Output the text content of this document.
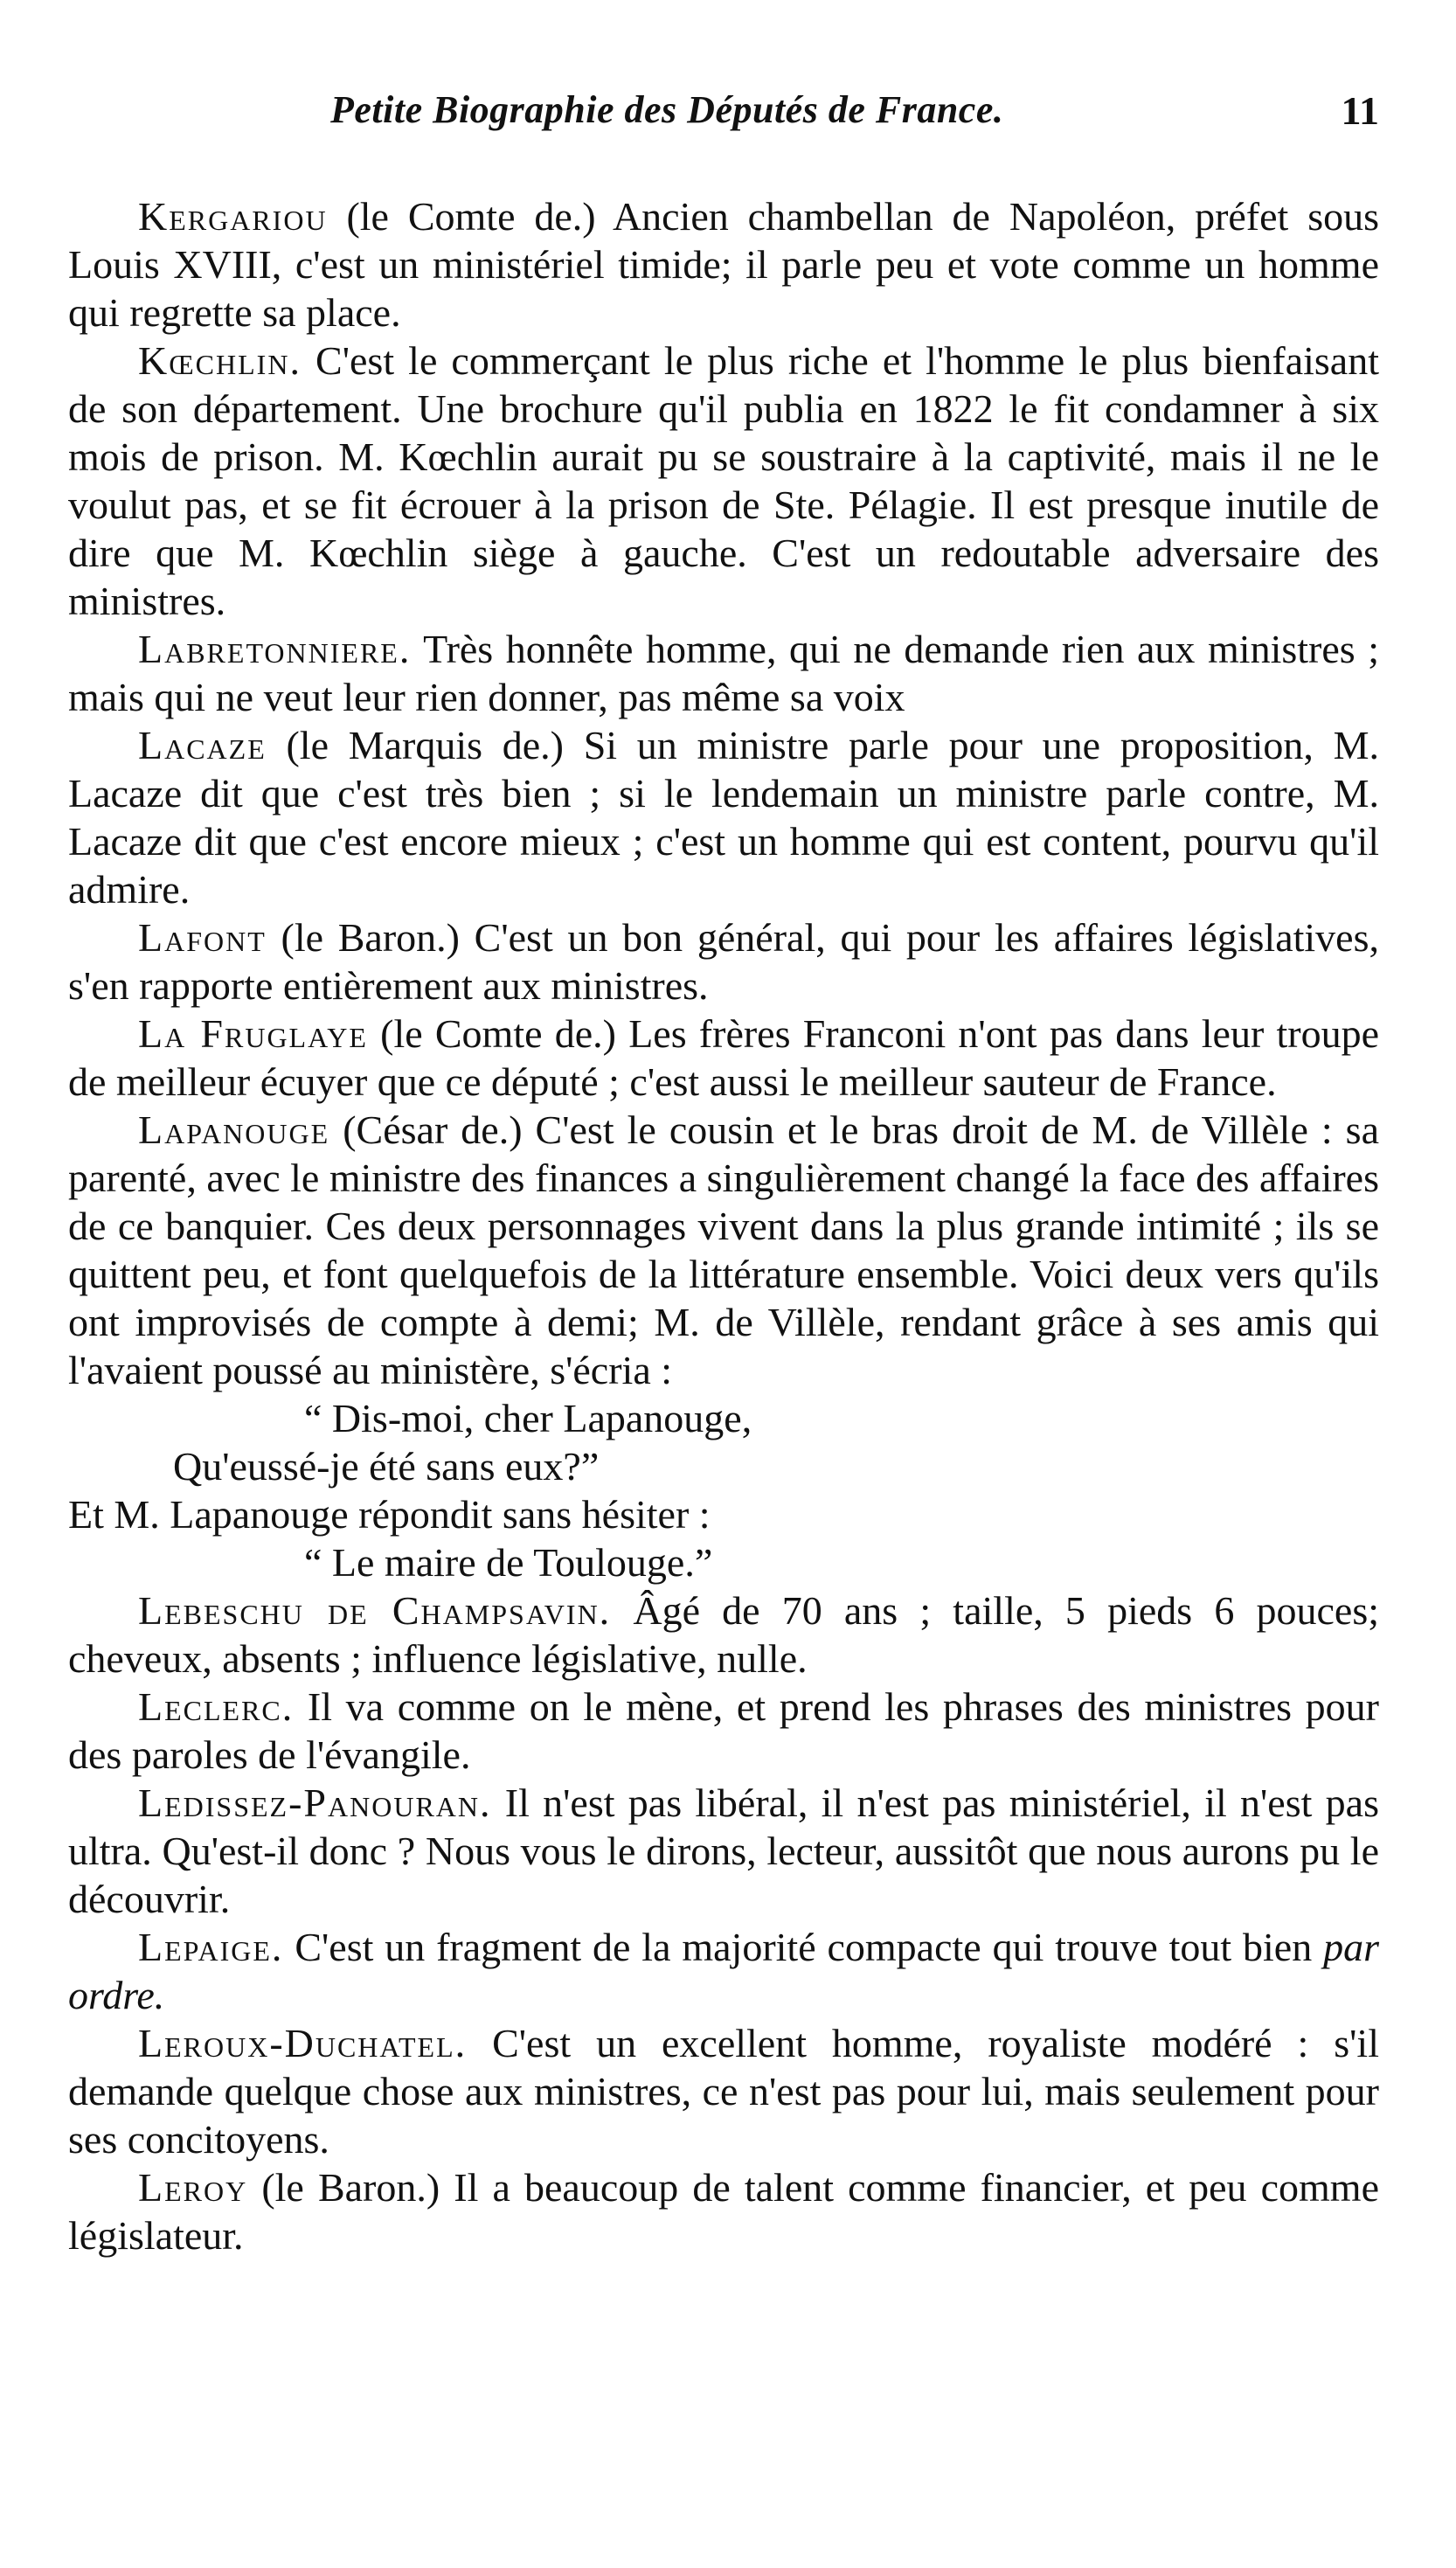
Petite Biographie des Députés de France.	11

Kergariou (le Comte de.) Ancien chambellan de Napoléon, préfet sous Louis XVIII, c'est un ministériel timide; il parle peu et vote comme un homme qui regrette sa place.

Kœchlin. C'est le commerçant le plus riche et l'homme le plus bienfaisant de son département. Une brochure qu'il publia en 1822 le fit condamner à six mois de prison. M. Kœchlin aurait pu se soustraire à la captivité, mais il ne le voulut pas, et se fit écrouer à la prison de Ste. Pélagie. Il est presque inutile de dire que M. Kœchlin siège à gauche. C'est un redoutable adversaire des ministres.

Labretonniere. Très honnête homme, qui ne demande rien aux ministres ; mais qui ne veut leur rien donner, pas même sa voix

Lacaze (le Marquis de.) Si un ministre parle pour une proposition, M. Lacaze dit que c'est très bien ; si le lendemain un ministre parle contre, M. Lacaze dit que c'est encore mieux ; c'est un homme qui est content, pourvu qu'il admire.

Lafont (le Baron.) C'est un bon général, qui pour les affaires législatives, s'en rapporte entièrement aux ministres.

La Fruglaye (le Comte de.) Les frères Franconi n'ont pas dans leur troupe de meilleur écuyer que ce député ; c'est aussi le meilleur sauteur de France.

Lapanouge (César de.) C'est le cousin et le bras droit de M. de Villèle : sa parenté, avec le ministre des finances a singulièrement changé la face des affaires de ce banquier. Ces deux personnages vivent dans la plus grande intimité ; ils se quittent peu, et font quelquefois de la littérature ensemble. Voici deux vers qu'ils ont improvisés de compte à demi; M. de Villèle, rendant grâce à ses amis qui l'avaient poussé au ministère, s'écria :

“ Dis-moi, cher Lapanouge,

Qu'eussé-je été sans eux?”

Et M. Lapanouge répondit sans hésiter :

“ Le maire de Toulouge.”

Lebeschu de Champsavin. Âgé de 70 ans ; taille, 5 pieds 6 pouces; cheveux, absents ; influence législative, nulle.

Leclerc. Il va comme on le mène, et prend les phrases des ministres pour des paroles de l'évangile.

Ledissez-Panouran. Il n'est pas libéral, il n'est pas ministériel, il n'est pas ultra. Qu'est-il donc ? Nous vous le dirons, lecteur, aussitôt que nous aurons pu le découvrir.

Lepaige. C'est un fragment de la majorité compacte qui trouve tout bien par ordre.

Leroux-Duchatel. C'est un excellent homme, royaliste modéré : s'il demande quelque chose aux ministres, ce n'est pas pour lui, mais seulement pour ses concitoyens.

Leroy (le Baron.) Il a beaucoup de talent comme financier, et peu comme législateur.
